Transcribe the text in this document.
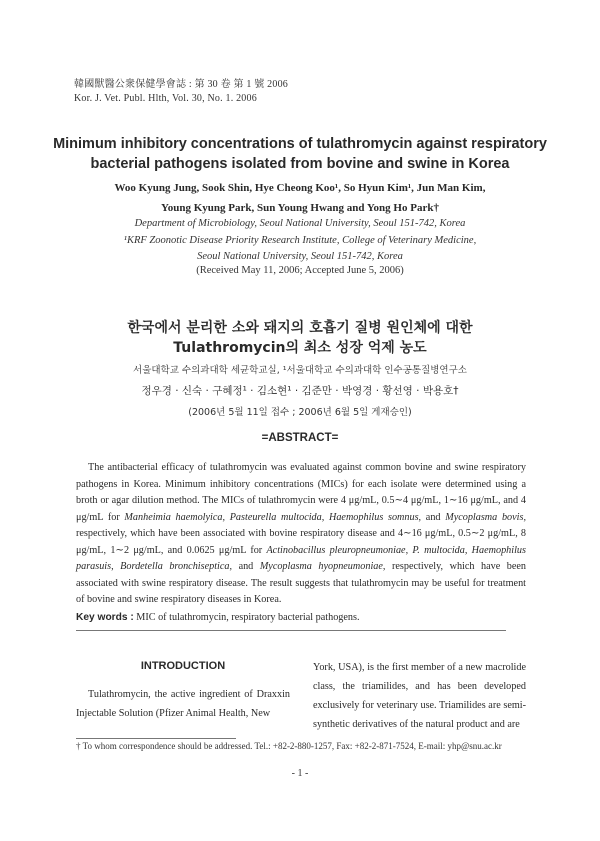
韓國獸醫公衆保健學會誌 : 第 30 卷 第 1 號 2006
Kor. J. Vet. Publ. Hlth, Vol. 30, No. 1. 2006
Minimum inhibitory concentrations of tulathromycin against respiratory
bacterial pathogens isolated from bovine and swine in Korea
Woo Kyung Jung, Sook Shin, Hye Cheong Koo¹, So Hyun Kim¹, Jun Man Kim,
Young Kyung Park, Sun Young Hwang and Yong Ho Park†
Department of Microbiology, Seoul National University, Seoul 151-742, Korea
¹KRF Zoonotic Disease Priority Research Institute, College of Veterinary Medicine,
Seoul National University, Seoul 151-742, Korea
(Received May 11, 2006; Accepted June 5, 2006)
한국에서 분리한 소와 돼지의 호흡기 질병 원인체에 대한
Tulathromycin의 최소 성장 억제 농도
서울대학교 수의과대학 세균학교실, ¹서울대학교 수의과대학 인수공통질병연구소
정우경 · 신숙 · 구혜정¹ · 김소현¹ · 김준만 · 박영경 · 황선영 · 박용호†
(2006년 5월 11일 접수 ; 2006년 6월 5일 게재승인)
=ABSTRACT=

The antibacterial efficacy of tulathromycin was evaluated against common bovine and swine respiratory pathogens in Korea. Minimum inhibitory concentrations (MICs) for each isolate were determined using a broth or agar dilution method. The MICs of tulathromycin were 4 μg/mL, 0.5∼4 μg/mL, 1∼16 μg/mL, and 4 μg/mL for Manheimia haemolyica, Pasteurella multocida, Haemophilus somnus, and Mycoplasma bovis, respectively, which have been associated with bovine respiratory disease and 4∼16 μg/mL, 0.5∼2 μg/mL, 8 μg/mL, 1∼2 μg/mL, and 0.0625 μg/mL for Actinobacillus pleuropneumoniae, P. multocida, Haemophilus parasuis, Bordetella bronchiseptica, and Mycoplasma hyopneumoniae, respectively, which have been associated with swine respiratory disease. The result suggests that tulathromycin may be useful for treatment of bovine and swine respiratory diseases in Korea.

Key words : MIC of tulathromycin, respiratory bacterial pathogens.
INTRODUCTION

Tulathromycin, the active ingredient of Draxxin Injectable Solution (Pfizer Animal Health, New

York, USA), is the first member of a new macrolide class, the triamilides, and has been developed exclusively for veterinary use. Triamilides are semi-synthetic derivatives of the natural product and are

† To whom correspondence should be addressed. Tel.: +82-2-880-1257, Fax: +82-2-871-7524, E-mail: yhp@snu.ac.kr
- 1 -
